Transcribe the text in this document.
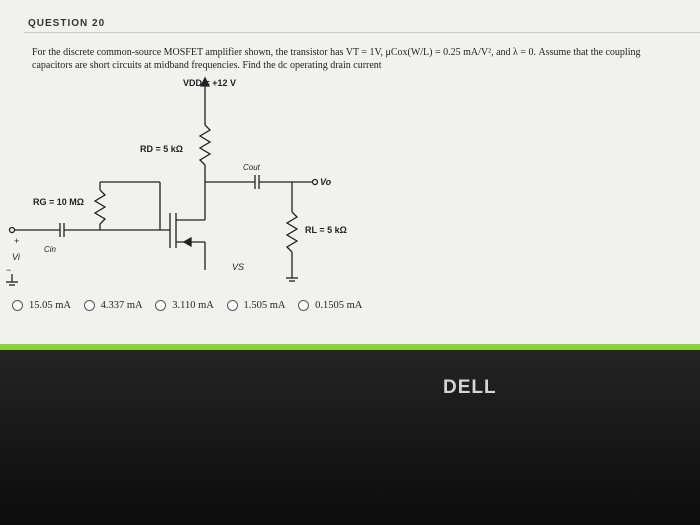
QUESTION 20
For the discrete common-source MOSFET amplifier shown, the transistor has VT = 1V, μCox(W/L) = 0.25 mA/V², and λ = 0. Assume that the coupling capacitors are short circuits at midband frequencies. Find the dc operating drain current
VDD = +12 V
RD = 5 kΩ
Cout
Vo
RG = 10 MΩ
RL = 5 kΩ
Cin
+
Vi
−	VS
15.05 mA
	4.337 mA
	3.110 mA
	1.505 mA
	0.1505 mA
DELL
